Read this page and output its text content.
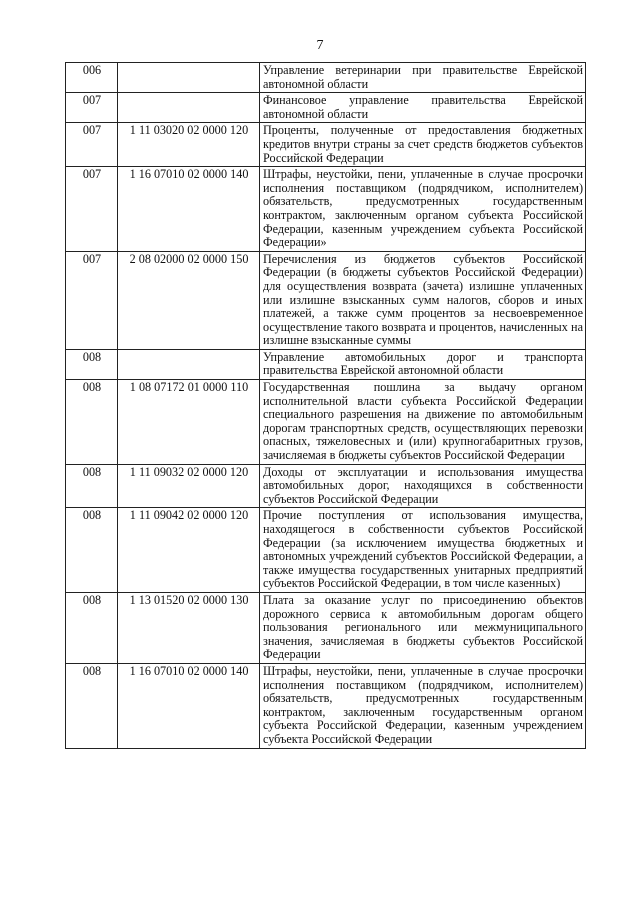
7
006		Управление ветеринарии при правительстве Еврейской автономной области
007		Финансовое управление правительства Еврейской автономной области
007	1 11 03020 02 0000 120	Проценты, полученные от предоставления бюджетных кредитов внутри страны за счет средств бюджетов субъектов Российской Федерации
007	1 16 07010 02 0000 140	Штрафы, неустойки, пени, уплаченные в случае просрочки исполнения поставщиком (подрядчиком, исполнителем) обязательств, предусмотренных государственным контрактом, заключенным органом субъекта Российской Федерации, казенным учреждением субъекта Российской Федерации»
007	2 08 02000 02 0000 150	Перечисления из бюджетов субъектов Российской Федерации (в бюджеты субъектов Российской Федерации) для осуществления возврата (зачета) излишне уплаченных или излишне взысканных сумм налогов, сборов и иных платежей, а также сумм процентов за несвоевременное осуществление такого возврата и процентов, начисленных на излишне взысканные суммы
008		Управление автомобильных дорог и транспорта правительства Еврейской автономной области
008	1 08 07172 01 0000 110	Государственная пошлина за выдачу органом исполнительной власти субъекта Российской Федерации специального разрешения на движение по автомобильным дорогам транспортных средств, осуществляющих перевозки опасных, тяжеловесных и (или) крупногабаритных грузов, зачисляемая в бюджеты субъектов Российской Федерации
008	1 11 09032 02 0000 120	Доходы от эксплуатации и использования имущества автомобильных дорог, находящихся в собственности субъектов Российской Федерации
008	1 11 09042 02 0000 120	Прочие поступления от использования имущества, находящегося в собственности субъектов Российской Федерации (за исключением имущества бюджетных и автономных учреждений субъектов Российской Федерации, а также имущества государственных унитарных предприятий субъектов Российской Федерации, в том числе казенных)
008	1 13 01520 02 0000 130	Плата за оказание услуг по присоединению объектов дорожного сервиса к автомобильным дорогам общего пользования регионального или межмуниципального значения, зачисляемая в бюджеты субъектов Российской Федерации
008	1 16 07010 02 0000 140	Штрафы, неустойки, пени, уплаченные в случае просрочки исполнения поставщиком (подрядчиком, исполнителем) обязательств, предусмотренных государственным контрактом, заключенным государственным органом субъекта Российской Федерации, казенным учреждением субъекта Российской Федерации
